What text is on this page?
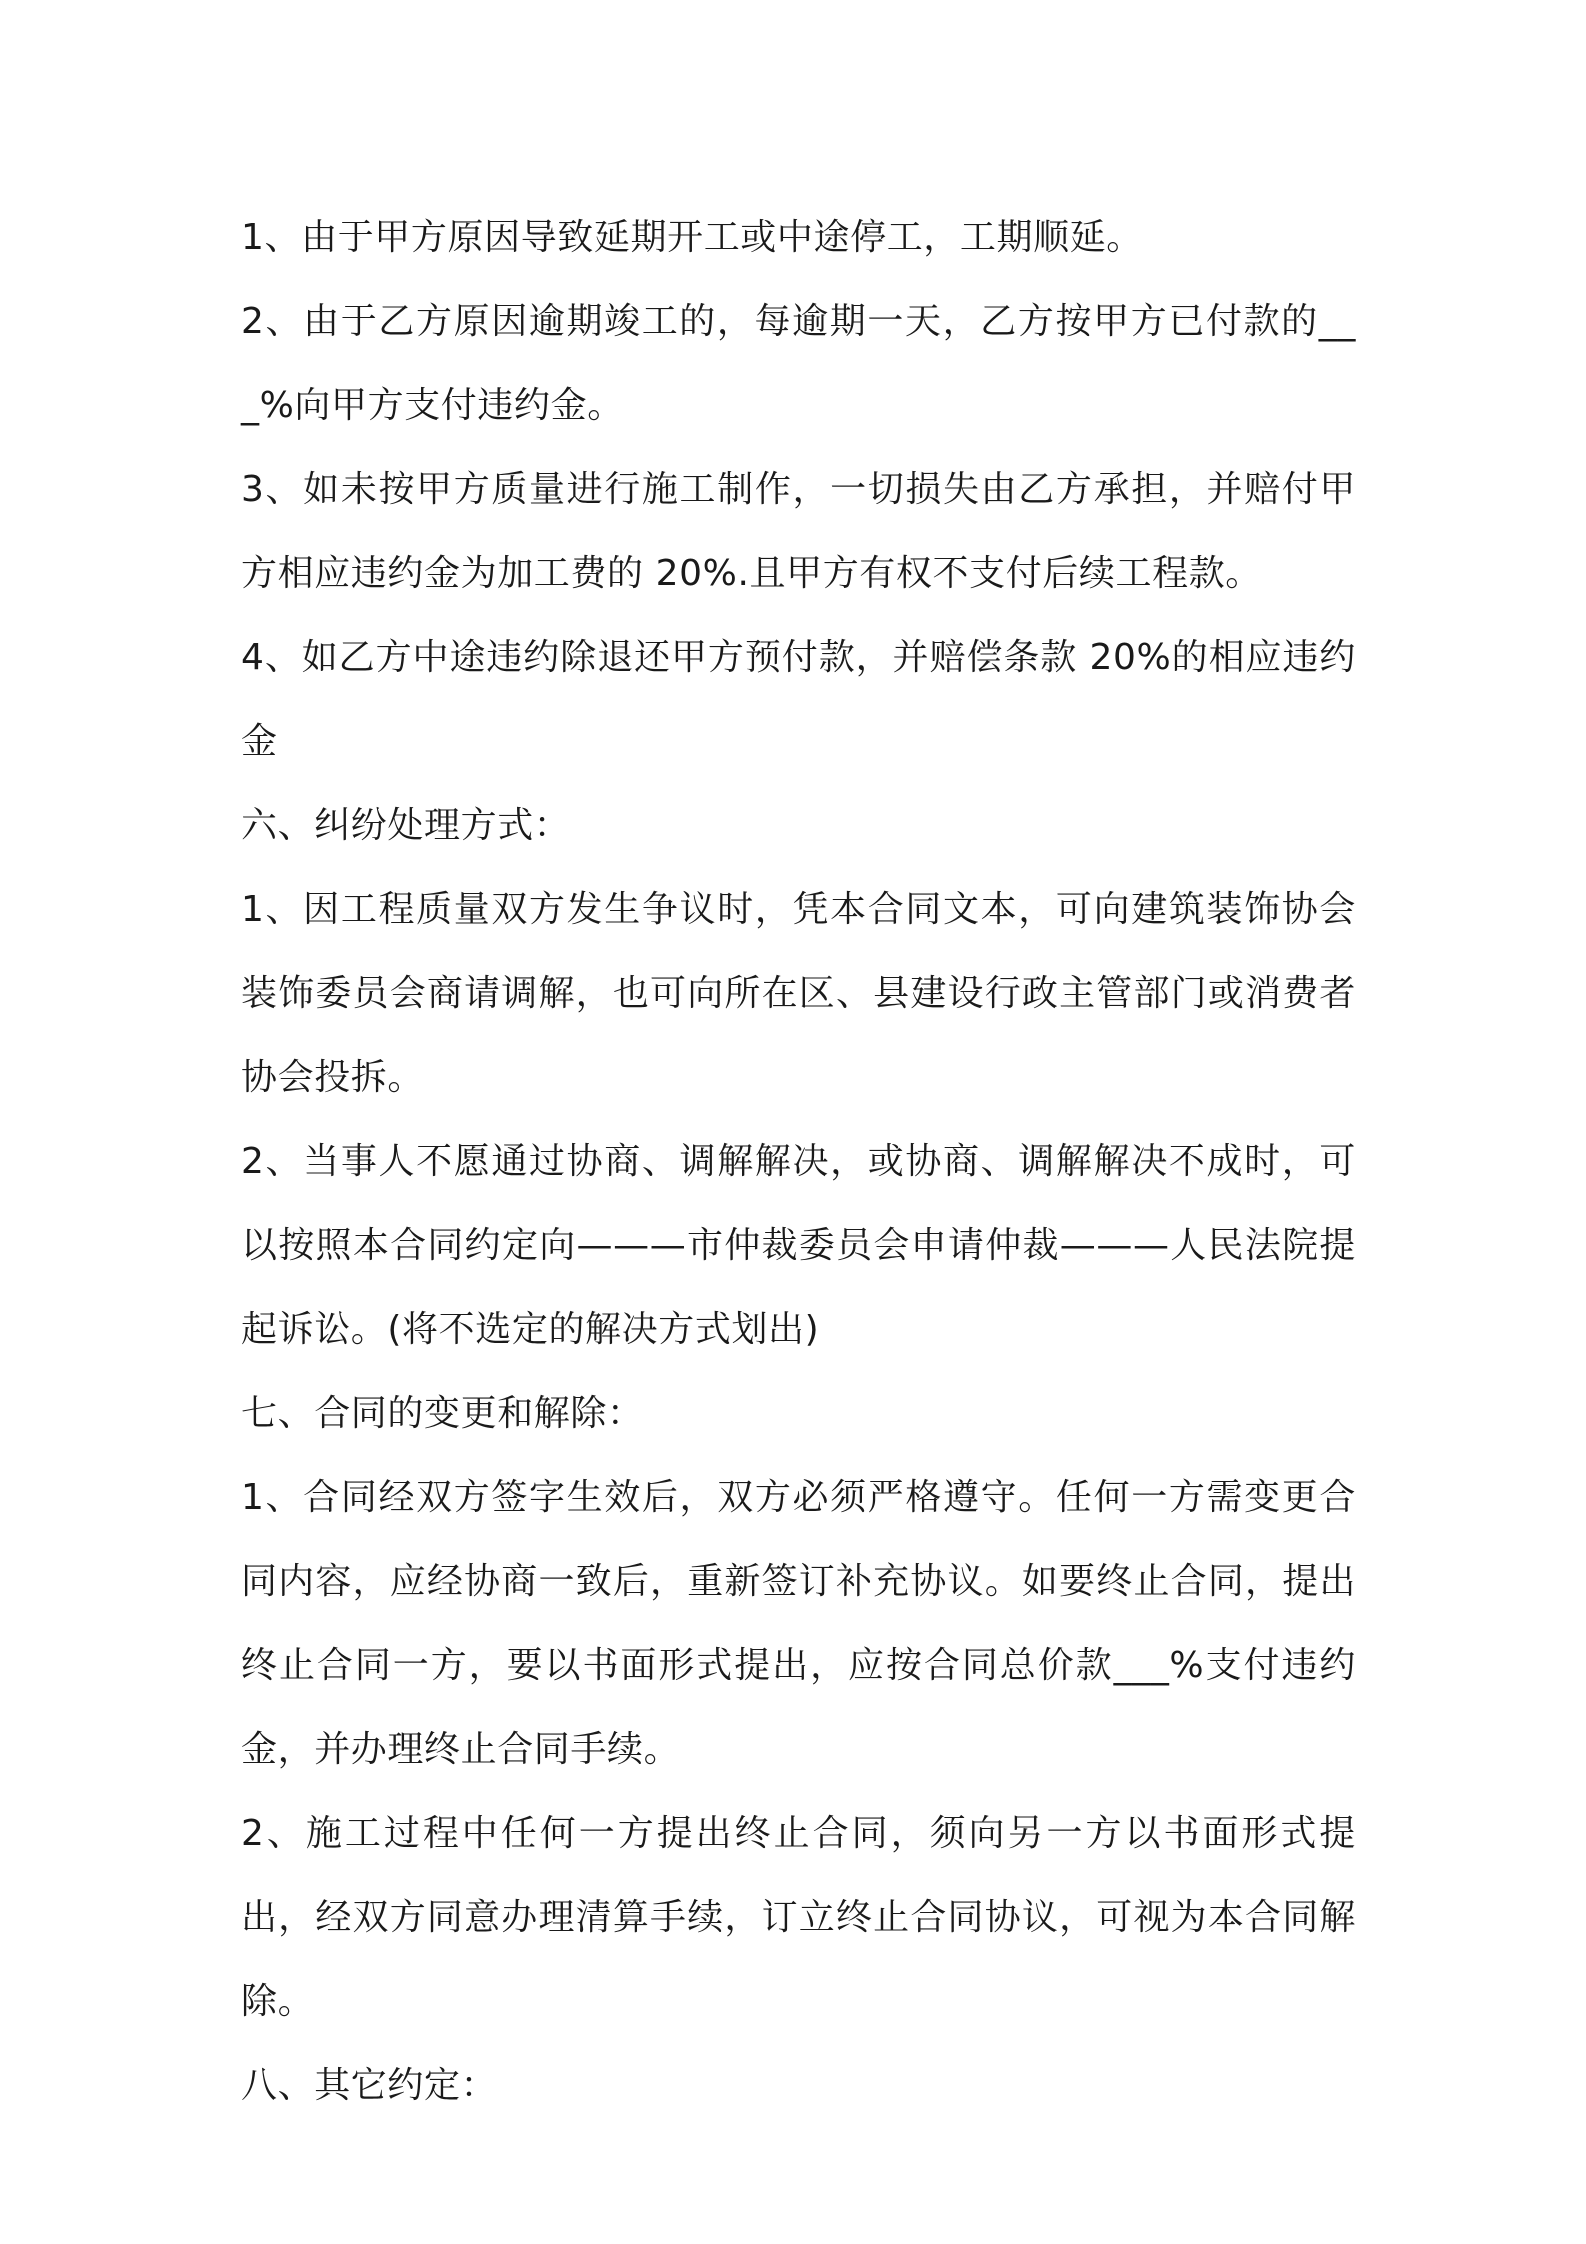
1、由于甲方原因导致延期开工或中途停工，工期顺延。

2、由于乙方原因逾期竣工的，每逾期一天，乙方按甲方已付款的___%向甲方支付违约金。

3、如未按甲方质量进行施工制作，一切损失由乙方承担，并赔付甲方相应违约金为加工费的 20%.且甲方有权不支付后续工程款。

4、如乙方中途违约除退还甲方预付款，并赔偿条款 20%的相应违约金

六、纠纷处理方式：

1、因工程质量双方发生争议时，凭本合同文本，可向建筑装饰协会装饰委员会商请调解，也可向所在区、县建设行政主管部门或消费者协会投拆。

2、当事人不愿通过协商、调解解决，或协商、调解解决不成时，可以按照本合同约定向———市仲裁委员会申请仲裁———人民法院提起诉讼。(将不选定的解决方式划出)

七、合同的变更和解除：

1、合同经双方签字生效后，双方必须严格遵守。任何一方需变更合同内容，应经协商一致后，重新签订补充协议。如要终止合同，提出终止合同一方，要以书面形式提出，应按合同总价款___%支付违约金，并办理终止合同手续。

2、施工过程中任何一方提出终止合同，须向另一方以书面形式提出，经双方同意办理清算手续，订立终止合同协议，可视为本合同解除。

八、其它约定：
